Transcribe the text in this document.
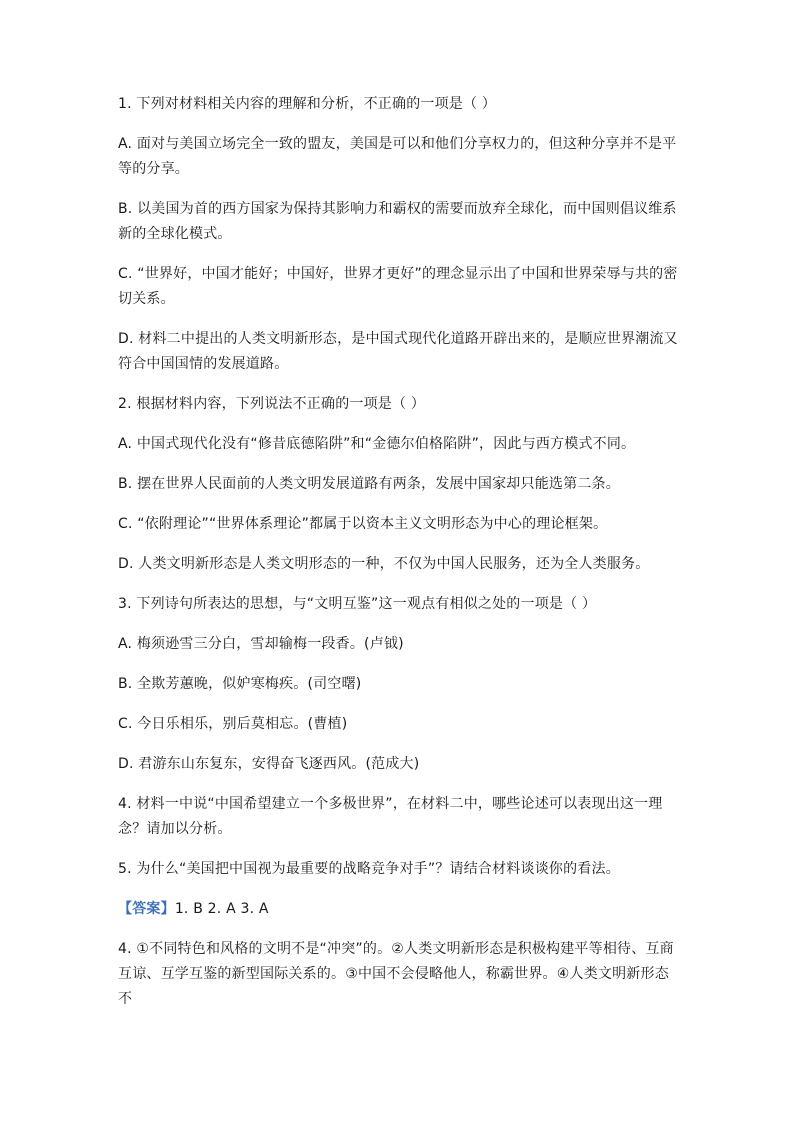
1. 下列对材料相关内容的理解和分析，不正确的一项是（ ）

A. 面对与美国立场完全一致的盟友，美国是可以和他们分享权力的，但这种分享并不是平等的分享。

B. 以美国为首的西方国家为保持其影响力和霸权的需要而放弃全球化，而中国则倡议维系新的全球化模式。

C. “世界好，中国才能好；中国好，世界才更好”的理念显示出了中国和世界荣辱与共的密切关系。

D. 材料二中提出的人类文明新形态，是中国式现代化道路开辟出来的，是顺应世界潮流又符合中国国情的发展道路。

2. 根据材料内容，下列说法不正确的一项是（ ）

A. 中国式现代化没有“修昔底德陷阱”和“金德尔伯格陷阱”，因此与西方模式不同。

B. 摆在世界人民面前的人类文明发展道路有两条，发展中国家却只能选第二条。

C. “依附理论”“世界体系理论”都属于以资本主义文明形态为中心的理论框架。

D. 人类文明新形态是人类文明形态的一种，不仅为中国人民服务，还为全人类服务。

3. 下列诗句所表达的思想，与“文明互鉴”这一观点有相似之处的一项是（ ）

A. 梅须逊雪三分白，雪却输梅一段香。(卢钺)

B. 全欺芳蕙晚，似妒寒梅疾。(司空曙)

C. 今日乐相乐，别后莫相忘。(曹植)

D. 君游东山东复东，安得奋飞逐西风。(范成大)

4. 材料一中说“中国希望建立一个多极世界”，在材料二中，哪些论述可以表现出这一理念？请加以分析。

5. 为什么“美国把中国视为最重要的战略竞争对手”？请结合材料谈谈你的看法。

【答案】1. B 2. A 3. A

4. ①不同特色和风格的文明不是“冲突”的。②人类文明新形态是积极构建平等相待、互商互谅、互学互鉴的新型国际关系的。③中国不会侵略他人，称霸世界。④人类文明新形态不
